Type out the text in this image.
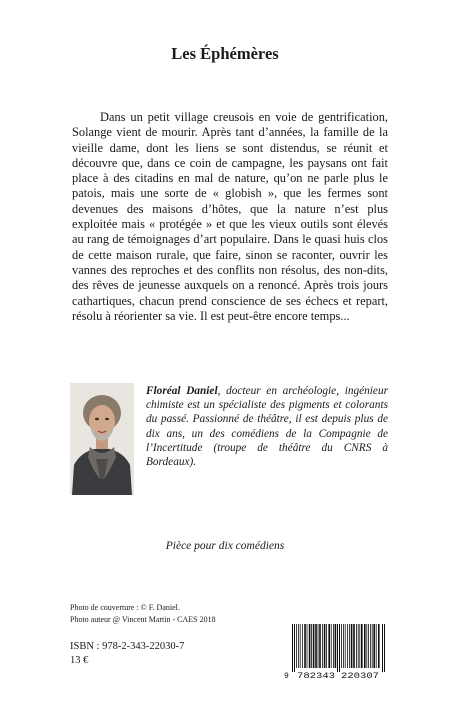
Les Éphémères

Dans un petit village creusois en voie de gentrification, Solange vient de mourir. Après tant d’années, la famille de la vieille dame, dont les liens se sont distendus, se réunit et découvre que, dans ce coin de campagne, les paysans ont fait place à des citadins en mal de nature, qu’on ne parle plus le patois, mais une sorte de « globish », que les fermes sont devenues des maisons d’hôtes, que la nature n’est plus exploitée mais « protégée » et que les vieux outils sont élevés au rang de témoignages d’art populaire. Dans le quasi huis clos de cette maison rurale, que faire, sinon se raconter, ouvrir les vannes des reproches et des conflits non résolus, des non-dits, des rêves de jeunesse auxquels on a renoncé. Après trois jours cathartiques, chacun prend conscience de ses échecs et repart, résolu à réorienter sa vie. Il est peut-être encore temps...

Floréal Daniel, docteur en archéologie, ingénieur chimiste est un spécialiste des pigments et colorants du passé. Passionné de théâtre, il est depuis plus de dix ans, un des comédiens de la Compagnie de l’Incertitude (troupe de théâtre du CNRS à Bordeaux).

Pièce pour dix comédiens
Photo de couverture : © F. Daniel.
Photo auteur @ Vincent Martin - CAES 2018
ISBN : 978-2-343-22030-7
13 €
9 782343 220307
